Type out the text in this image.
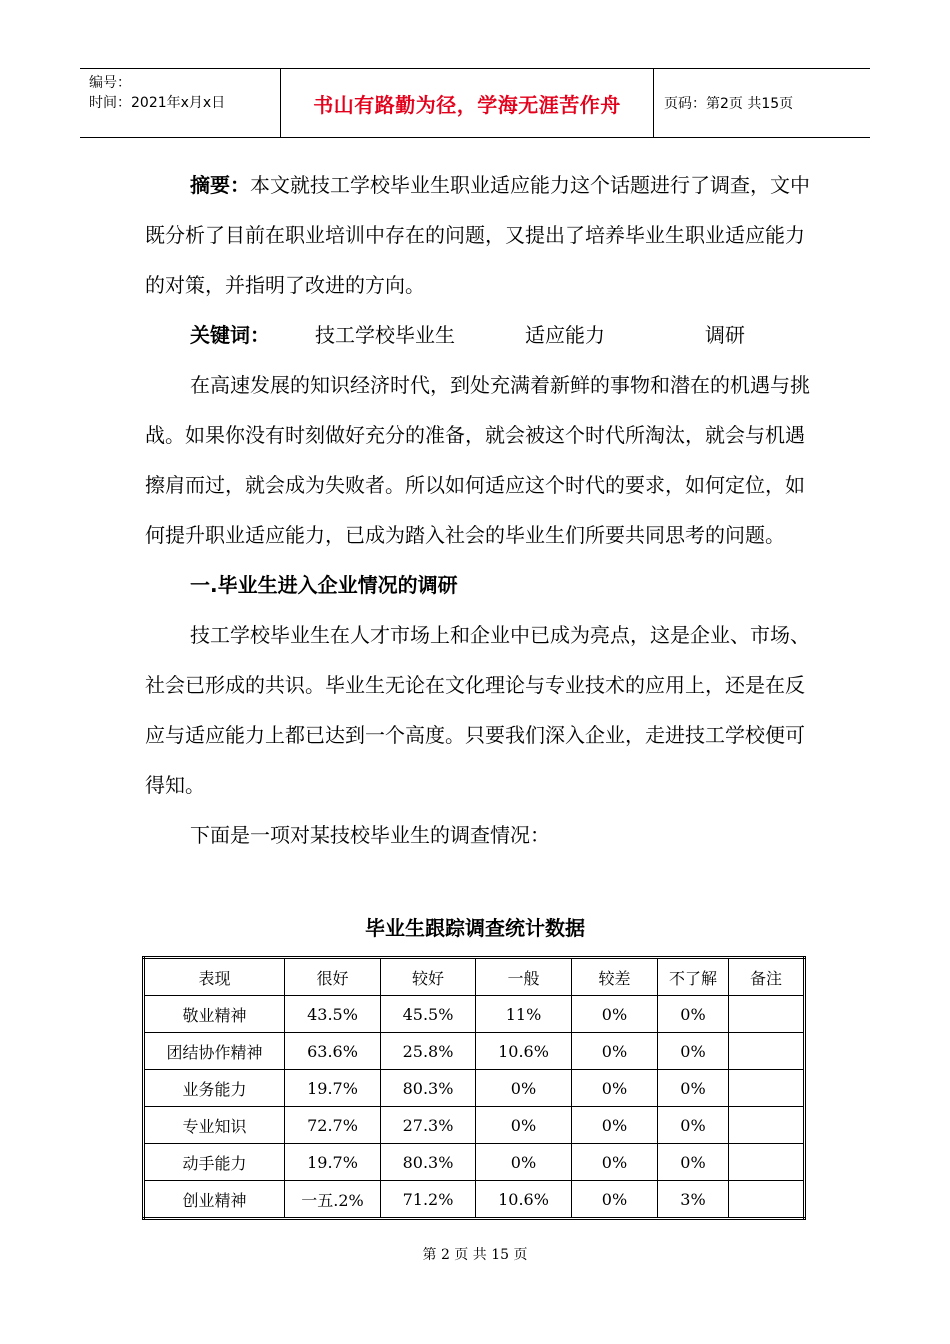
编号：
时间：2021年x月x日	书山有路勤为径，学海无涯苦作舟	页码：第2页 共15页

摘要：本文就技工学校毕业生职业适应能力这个话题进行了调查，文中既分析了目前在职业培训中存在的问题，又提出了培养毕业生职业适应能力的对策，并指明了改进的方向。

关键词： 技工学校毕业生	适应能力	调研

在高速发展的知识经济时代，到处充满着新鲜的事物和潜在的机遇与挑战。如果你没有时刻做好充分的准备，就会被这个时代所淘汰，就会与机遇擦肩而过，就会成为失败者。所以如何适应这个时代的要求，如何定位，如何提升职业适应能力，已成为踏入社会的毕业生们所要共同思考的问题。

一.毕业生进入企业情况的调研

技工学校毕业生在人才市场上和企业中已成为亮点，这是企业、市场、社会已形成的共识。毕业生无论在文化理论与专业技术的应用上，还是在反应与适应能力上都已达到一个高度。只要我们深入企业，走进技工学校便可得知。

下面是一项对某技校毕业生的调查情况：

毕业生跟踪调查统计数据
表现	很好	较好	一般	较差	不了解	备注
敬业精神	43.5%	45.5%	11%	0%	0%	
团结协作精神	63.6%	25.8%	10.6%	0%	0%	
业务能力	19.7%	80.3%	0%	0%	0%	
专业知识	72.7%	27.3%	0%	0%	0%	
动手能力	19.7%	80.3%	0%	0%	0%	
创业精神	一五.2%	71.2%	10.6%	0%	3%	
第 2 页 共 15 页
